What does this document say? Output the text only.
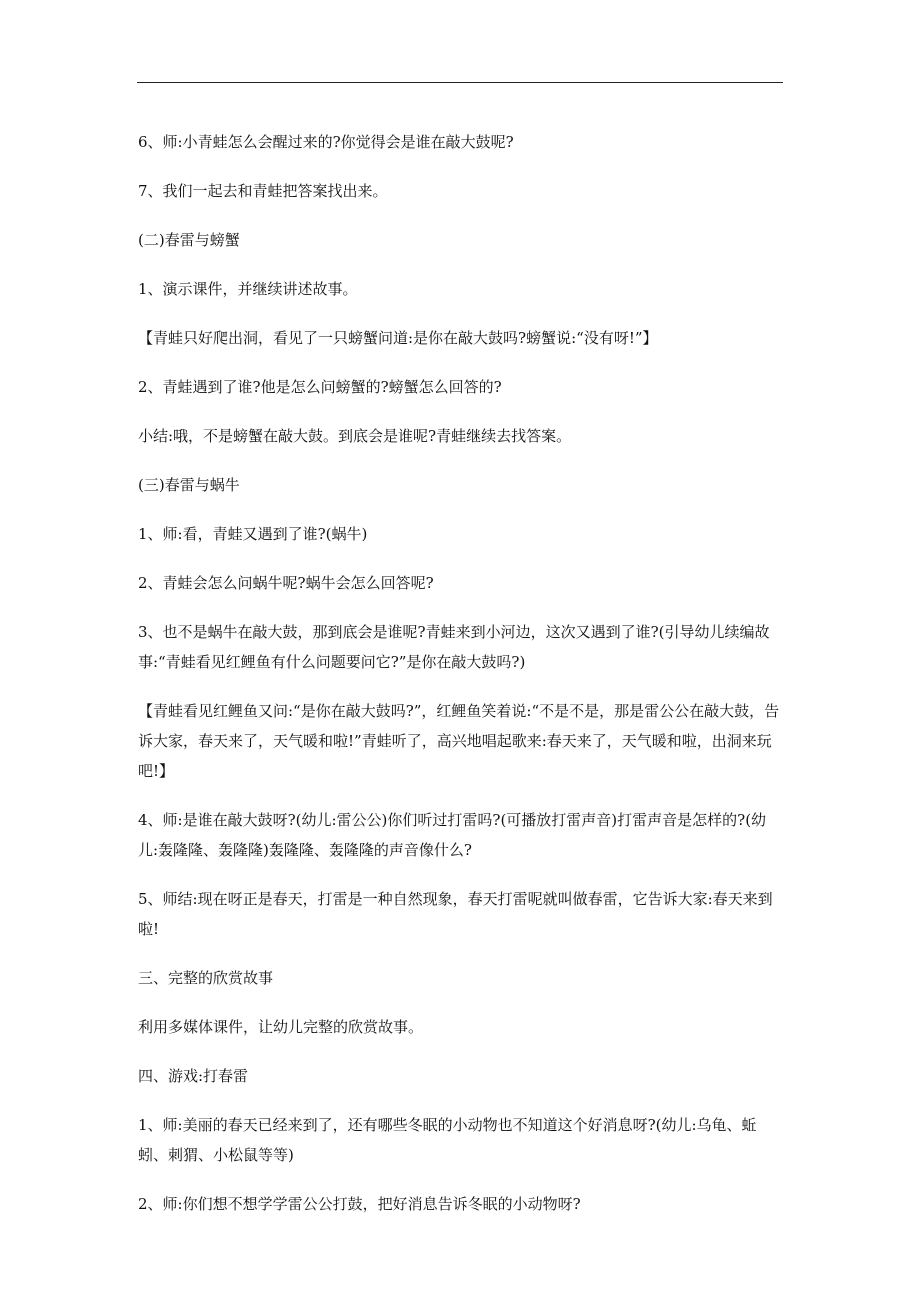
6、师:小青蛙怎么会醒过来的?你觉得会是谁在敲大鼓呢?

7、我们一起去和青蛙把答案找出来。

(二)春雷与螃蟹

1、演示课件，并继续讲述故事。

【青蛙只好爬出洞，看见了一只螃蟹问道:是你在敲大鼓吗?螃蟹说:“没有呀!”】

2、青蛙遇到了谁?他是怎么问螃蟹的?螃蟹怎么回答的?

小结:哦，不是螃蟹在敲大鼓。到底会是谁呢?青蛙继续去找答案。

(三)春雷与蜗牛

1、师:看，青蛙又遇到了谁?(蜗牛)

2、青蛙会怎么问蜗牛呢?蜗牛会怎么回答呢?

3、也不是蜗牛在敲大鼓，那到底会是谁呢?青蛙来到小河边，这次又遇到了谁?(引导幼儿续编故事:“青蛙看见红鲤鱼有什么问题要问它?”是你在敲大鼓吗?)

【青蛙看见红鲤鱼又问:“是你在敲大鼓吗?”，红鲤鱼笑着说:“不是不是，那是雷公公在敲大鼓，告诉大家，春天来了，天气暖和啦!”青蛙听了，高兴地唱起歌来:春天来了，天气暖和啦，出洞来玩吧!】

4、师:是谁在敲大鼓呀?(幼儿:雷公公)你们听过打雷吗?(可播放打雷声音)打雷声音是怎样的?(幼儿:轰隆隆、轰隆隆)轰隆隆、轰隆隆的声音像什么?

5、师结:现在呀正是春天，打雷是一种自然现象，春天打雷呢就叫做春雷，它告诉大家:春天来到啦!

三、完整的欣赏故事

利用多媒体课件，让幼儿完整的欣赏故事。

四、游戏:打春雷

1、师:美丽的春天已经来到了，还有哪些冬眠的小动物也不知道这个好消息呀?(幼儿:乌龟、蚯蚓、刺猬、小松鼠等等)

2、师:你们想不想学学雷公公打鼓，把好消息告诉冬眠的小动物呀?
